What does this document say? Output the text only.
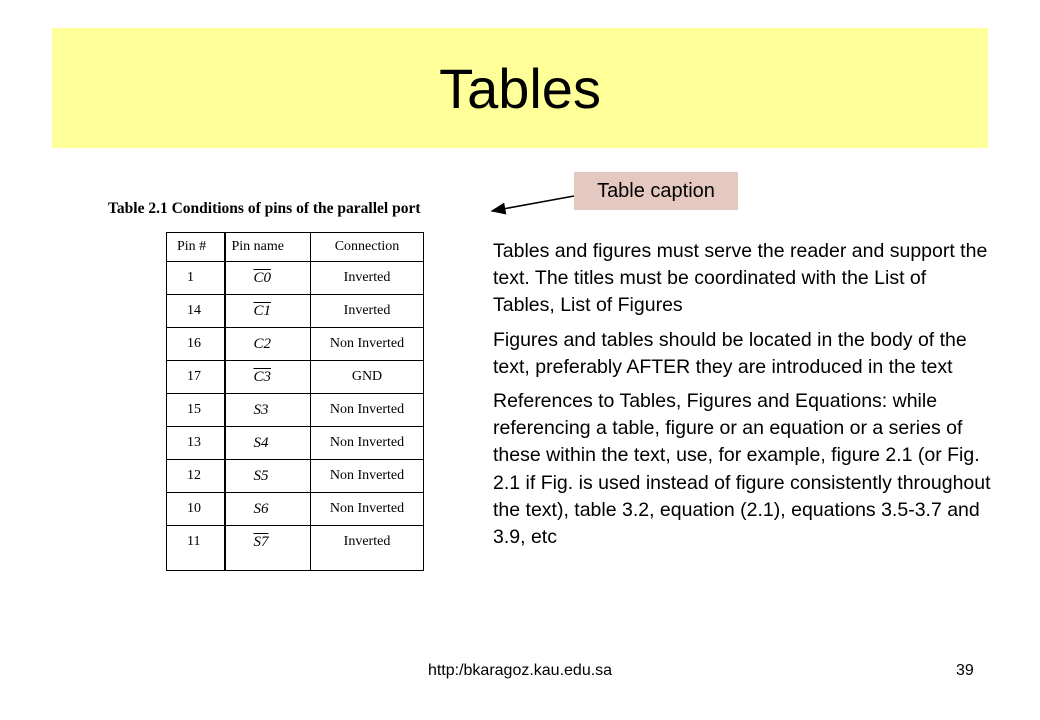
Tables
Table caption
Table 2.1 Conditions of pins of the parallel port
Pin #	Pin name	Connection
1	C0	Inverted
14	C1	Inverted
16	C2	Non Inverted
17	C3	GND
15	S3	Non Inverted
13	S4	Non Inverted
12	S5	Non Inverted
10	S6	Non Inverted
11	S7	Inverted

Tables and figures must serve the reader and support the text. The titles must be coordinated with the List of Tables, List of Figures

Figures and tables should be located in the body of the text, preferably AFTER they are introduced in the text

References to Tables, Figures and Equations: while referencing a table, figure or an equation or a series of these within the text, use, for example, figure 2.1 (or Fig. 2.1 if Fig. is used instead of figure consistently throughout the text), table 3.2, equation (2.1), equations 3.5-3.7 and 3.9, etc

http:/bkaragoz.kau.edu.sa	39
